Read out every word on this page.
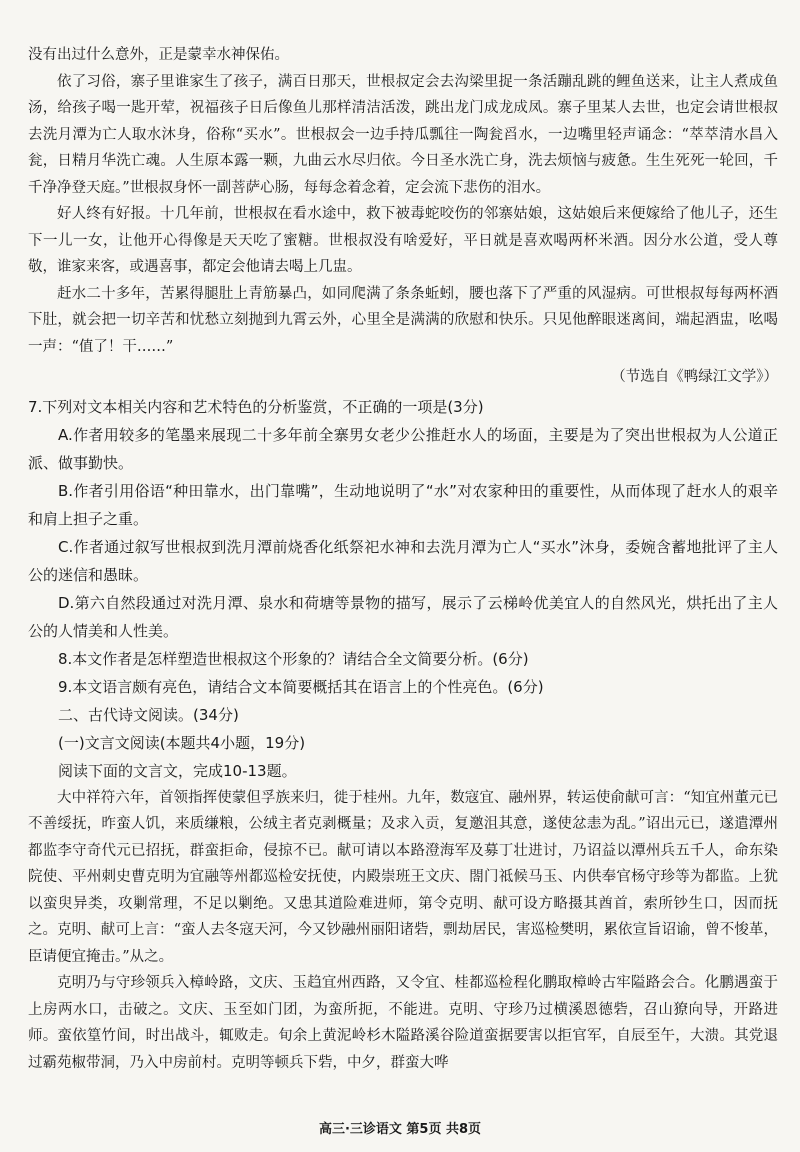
没有出过什么意外，正是蒙幸水神保佑。

依了习俗，寨子里谁家生了孩子，满百日那天，世根叔定会去沟梁里捉一条活蹦乱跳的鲤鱼送来，让主人煮成鱼汤，给孩子喝一匙开荤，祝福孩子日后像鱼儿那样清洁活泼，跳出龙门成龙成凤。寨子里某人去世，也定会请世根叔去洗月潭为亡人取水沐身，俗称“买水”。世根叔会一边手持瓜瓢往一陶瓮舀水，一边嘴里轻声诵念：“萃萃清水昌入瓮，日精月华洗亡魂。人生原本露一颗，九曲云水尽归依。今日圣水洗亡身，洗去烦恼与疲惫。生生死死一轮回，千千净净登天庭。”世根叔身怀一副菩萨心肠，每每念着念着，定会流下悲伤的泪水。

好人终有好报。十几年前，世根叔在看水途中，救下被毒蛇咬伤的邻寨姑娘，这姑娘后来便嫁给了他儿子，还生下一儿一女，让他开心得像是天天吃了蜜糖。世根叔没有啥爱好，平日就是喜欢喝两杯米酒。因分水公道，受人尊敬，谁家来客，或遇喜事，都定会他请去喝上几盅。

赶水二十多年，苦累得腿肚上青筋暴凸，如同爬满了条条蚯蚓，腰也落下了严重的风湿病。可世根叔每每两杯酒下肚，就会把一切辛苦和忧愁立刻抛到九霄云外，心里全是满满的欣慰和快乐。只见他醉眼迷离间，端起酒盅，吆喝一声：“值了！干……”

（节选自《鸭绿江文学》）

7.下列对文本相关内容和艺术特色的分析鉴赏，不正确的一项是(3分)

A.作者用较多的笔墨来展现二十多年前全寨男女老少公推赶水人的场面，主要是为了突出世根叔为人公道正派、做事勤快。

B.作者引用俗语“种田靠水，出门靠嘴”，生动地说明了“水”对农家种田的重要性，从而体现了赶水人的艰辛和肩上担子之重。

C.作者通过叙写世根叔到洗月潭前烧香化纸祭祀水神和去洗月潭为亡人“买水”沐身，委婉含蓄地批评了主人公的迷信和愚昧。

D.第六自然段通过对洗月潭、泉水和荷塘等景物的描写，展示了云梯岭优美宜人的自然风光，烘托出了主人公的人情美和人性美。

8.本文作者是怎样塑造世根叔这个形象的？请结合全文简要分析。(6分)

9.本文语言颇有亮色，请结合文本简要概括其在语言上的个性亮色。(6分)

二、古代诗文阅读。(34分)

(一)文言文阅读(本题共4小题，19分)

阅读下面的文言文，完成10-13题。

大中祥符六年，首领指挥使蒙但孚族来归，徙于桂州。九年，数寇宜、融州界，转运使俞献可言：“知宜州董元已不善绥抚，昨蛮人饥，来质缣粮，公绒主者克剥概量；及求入贡，复邀沮其意，遂使忿恚为乱。”诏出元已，遂遣潭州都监李守奇代元已招抚，群蛮拒命，侵掠不已。献可请以本路澄海军及募丁壮进讨，乃诏益以潭州兵五千人，命东染院使、平州刺史曹克明为宜融等州都巡检安抚使，内殿崇班王文庆、閤门祗候马玉、内供奉官杨守珍等为都监。上犹以蛮臾异类，攻剿常理，不足以剿绝。又患其道险难进师，第令克明、献可设方略摄其酋首，索所钞生口，因而抚之。克明、献可上言：“蛮人去冬寇天河，今又钞融州丽阳诸砦，剽劫居民，害巡检樊明，累依宣旨诏谕，曾不悛革，臣请便宜掩击。”从之。

克明乃与守珍领兵入樟岭路，文庆、玉趋宜州西路，又令宜、桂都巡检程化鹏取樟岭古牢隘路会合。化鹏遇蛮于上房两水口，击破之。文庆、玉至如门团，为蛮所扼，不能进。克明、守珍乃过横溪恩德砦，召山獠向导，开路进师。蛮依篁竹间，时出战斗，辄败走。旬余上黄泥岭杉木隘路溪谷险道蛮据要害以拒官军，自辰至午，大溃。其党退过霸苑椒带洞，乃入中房前村。克明等顿兵下砦，中夕，群蛮大哗

高三·三诊语文 第5页 共8页
